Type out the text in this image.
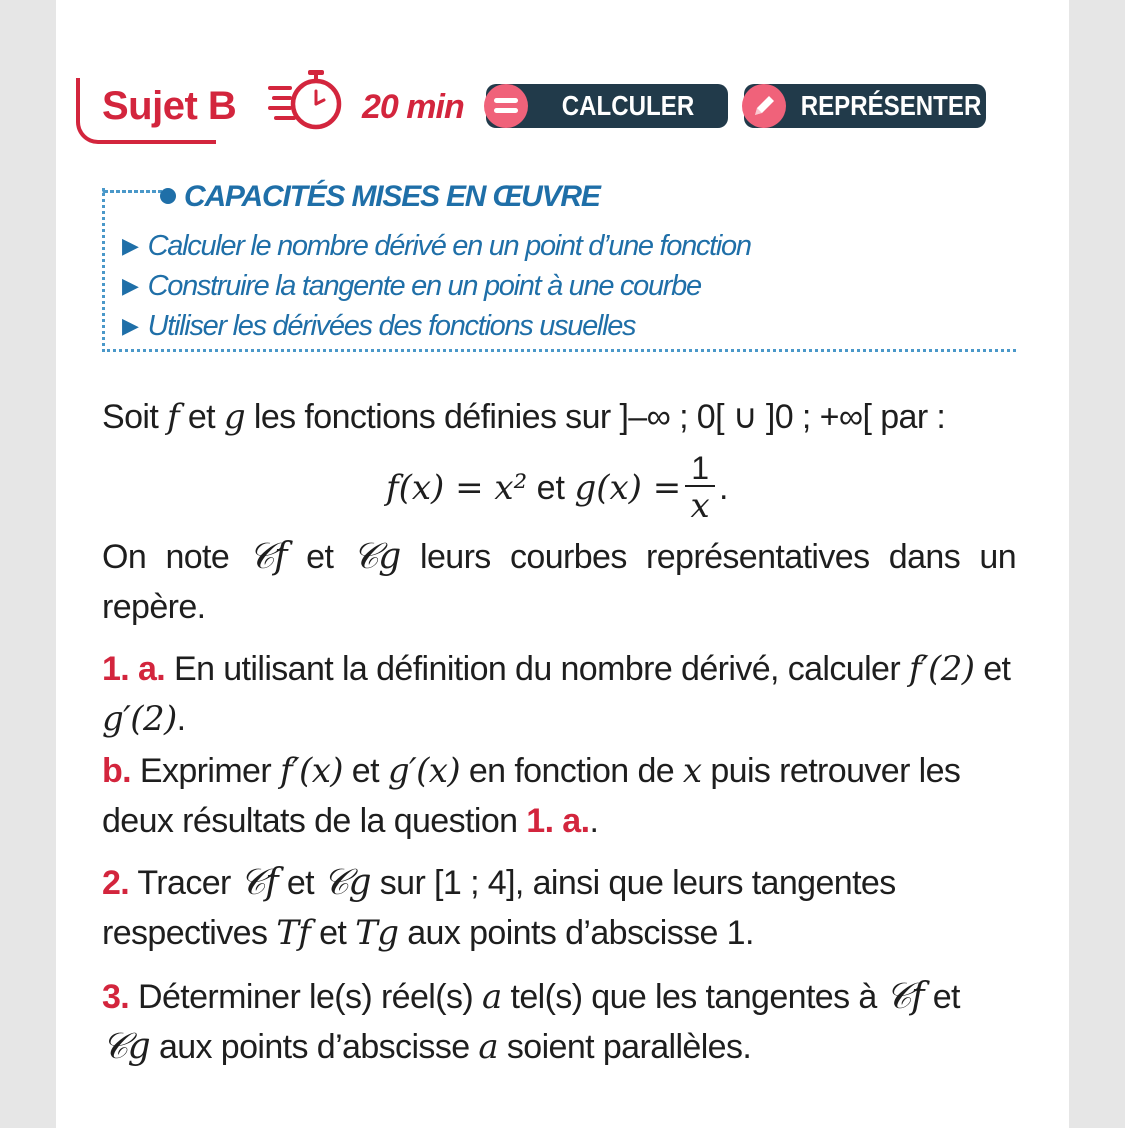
Sujet B	20 min	CALCULER	REPRÉSENTER
CAPACITÉS MISES EN ŒUVRE
▶ Calculer le nombre dérivé en un point d’une fonction
▶ Construire la tangente en un point à une courbe
▶ Utiliser les dérivées des fonctions usuelles

Soit f et g les fonctions définies sur ]–∞ ; 0[ ∪ ]0 ; +∞[ par :

f(x) = x² et $g(x) = \frac{1}{x}$ .

On note 𝒞f et 𝒞g leurs courbes représentatives dans un repère.

1. a. En utilisant la définition du nombre dérivé, calculer f′(2) et g′(2).

b. Exprimer f′(x) et g′(x) en fonction de x puis retrouver les deux résultats de la question 1. a..

2. Tracer 𝒞f et 𝒞g sur [1 ; 4], ainsi que leurs tangentes respectives Tf et Tg aux points d’abscisse 1.

3. Déterminer le(s) réel(s) a tel(s) que les tangentes à 𝒞f et 𝒞g aux points d’abscisse a soient parallèles.
